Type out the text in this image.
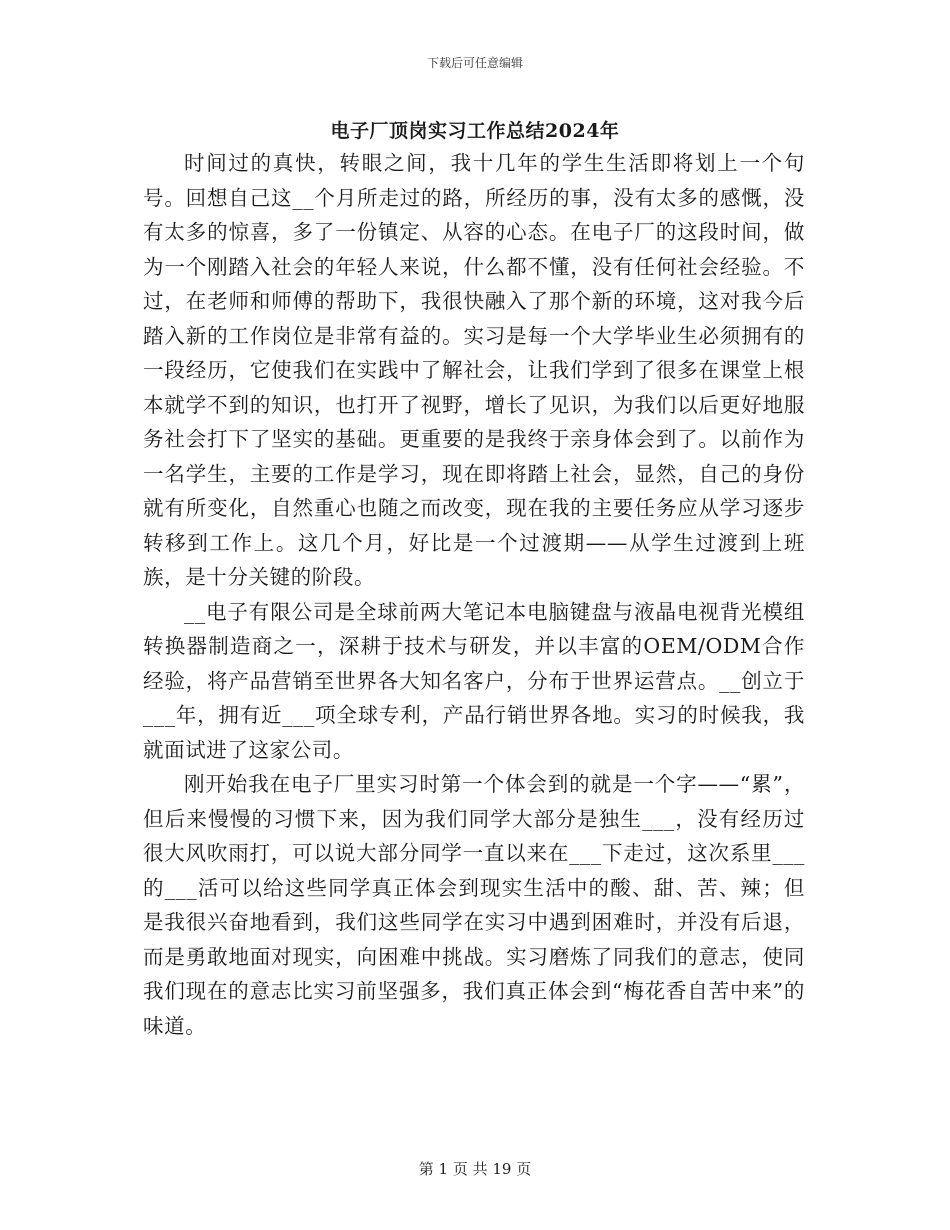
下载后可任意编辑
电子厂顶岗实习工作总结2024年

时间过的真快，转眼之间，我十几年的学生生活即将划上一个句号。回想自己这__个月所走过的路，所经历的事，没有太多的感慨，没有太多的惊喜，多了一份镇定、从容的心态。在电子厂的这段时间，做为一个刚踏入社会的年轻人来说，什么都不懂，没有任何社会经验。不过，在老师和师傅的帮助下，我很快融入了那个新的环境，这对我今后踏入新的工作岗位是非常有益的。实习是每一个大学毕业生必须拥有的一段经历，它使我们在实践中了解社会，让我们学到了很多在课堂上根本就学不到的知识，也打开了视野，增长了见识，为我们以后更好地服务社会打下了坚实的基础。更重要的是我终于亲身体会到了。以前作为一名学生，主要的工作是学习，现在即将踏上社会，显然，自己的身份就有所变化，自然重心也随之而改变，现在我的主要任务应从学习逐步转移到工作上。这几个月，好比是一个过渡期——从学生过渡到上班族，是十分关键的阶段。

__电子有限公司是全球前两大笔记本电脑键盘与液晶电视背光模组转换器制造商之一，深耕于技术与研发，并以丰富的OEM/ODM合作经验，将产品营销至世界各大知名客户，分布于世界运营点。__创立于___年，拥有近___项全球专利，产品行销世界各地。实习的时候我，我就面试进了这家公司。

刚开始我在电子厂里实习时第一个体会到的就是一个字——“累”，但后来慢慢的习惯下来，因为我们同学大部分是独生___，没有经历过很大风吹雨打，可以说大部分同学一直以来在___下走过，这次系里___的___活可以给这些同学真正体会到现实生活中的酸、甜、苦、辣；但是我很兴奋地看到，我们这些同学在实习中遇到困难时，并没有后退，而是勇敢地面对现实，向困难中挑战。实习磨炼了同我们的意志，使同我们现在的意志比实习前坚强多，我们真正体会到“梅花香自苦中来”的味道。

第 1 页 共 19 页
